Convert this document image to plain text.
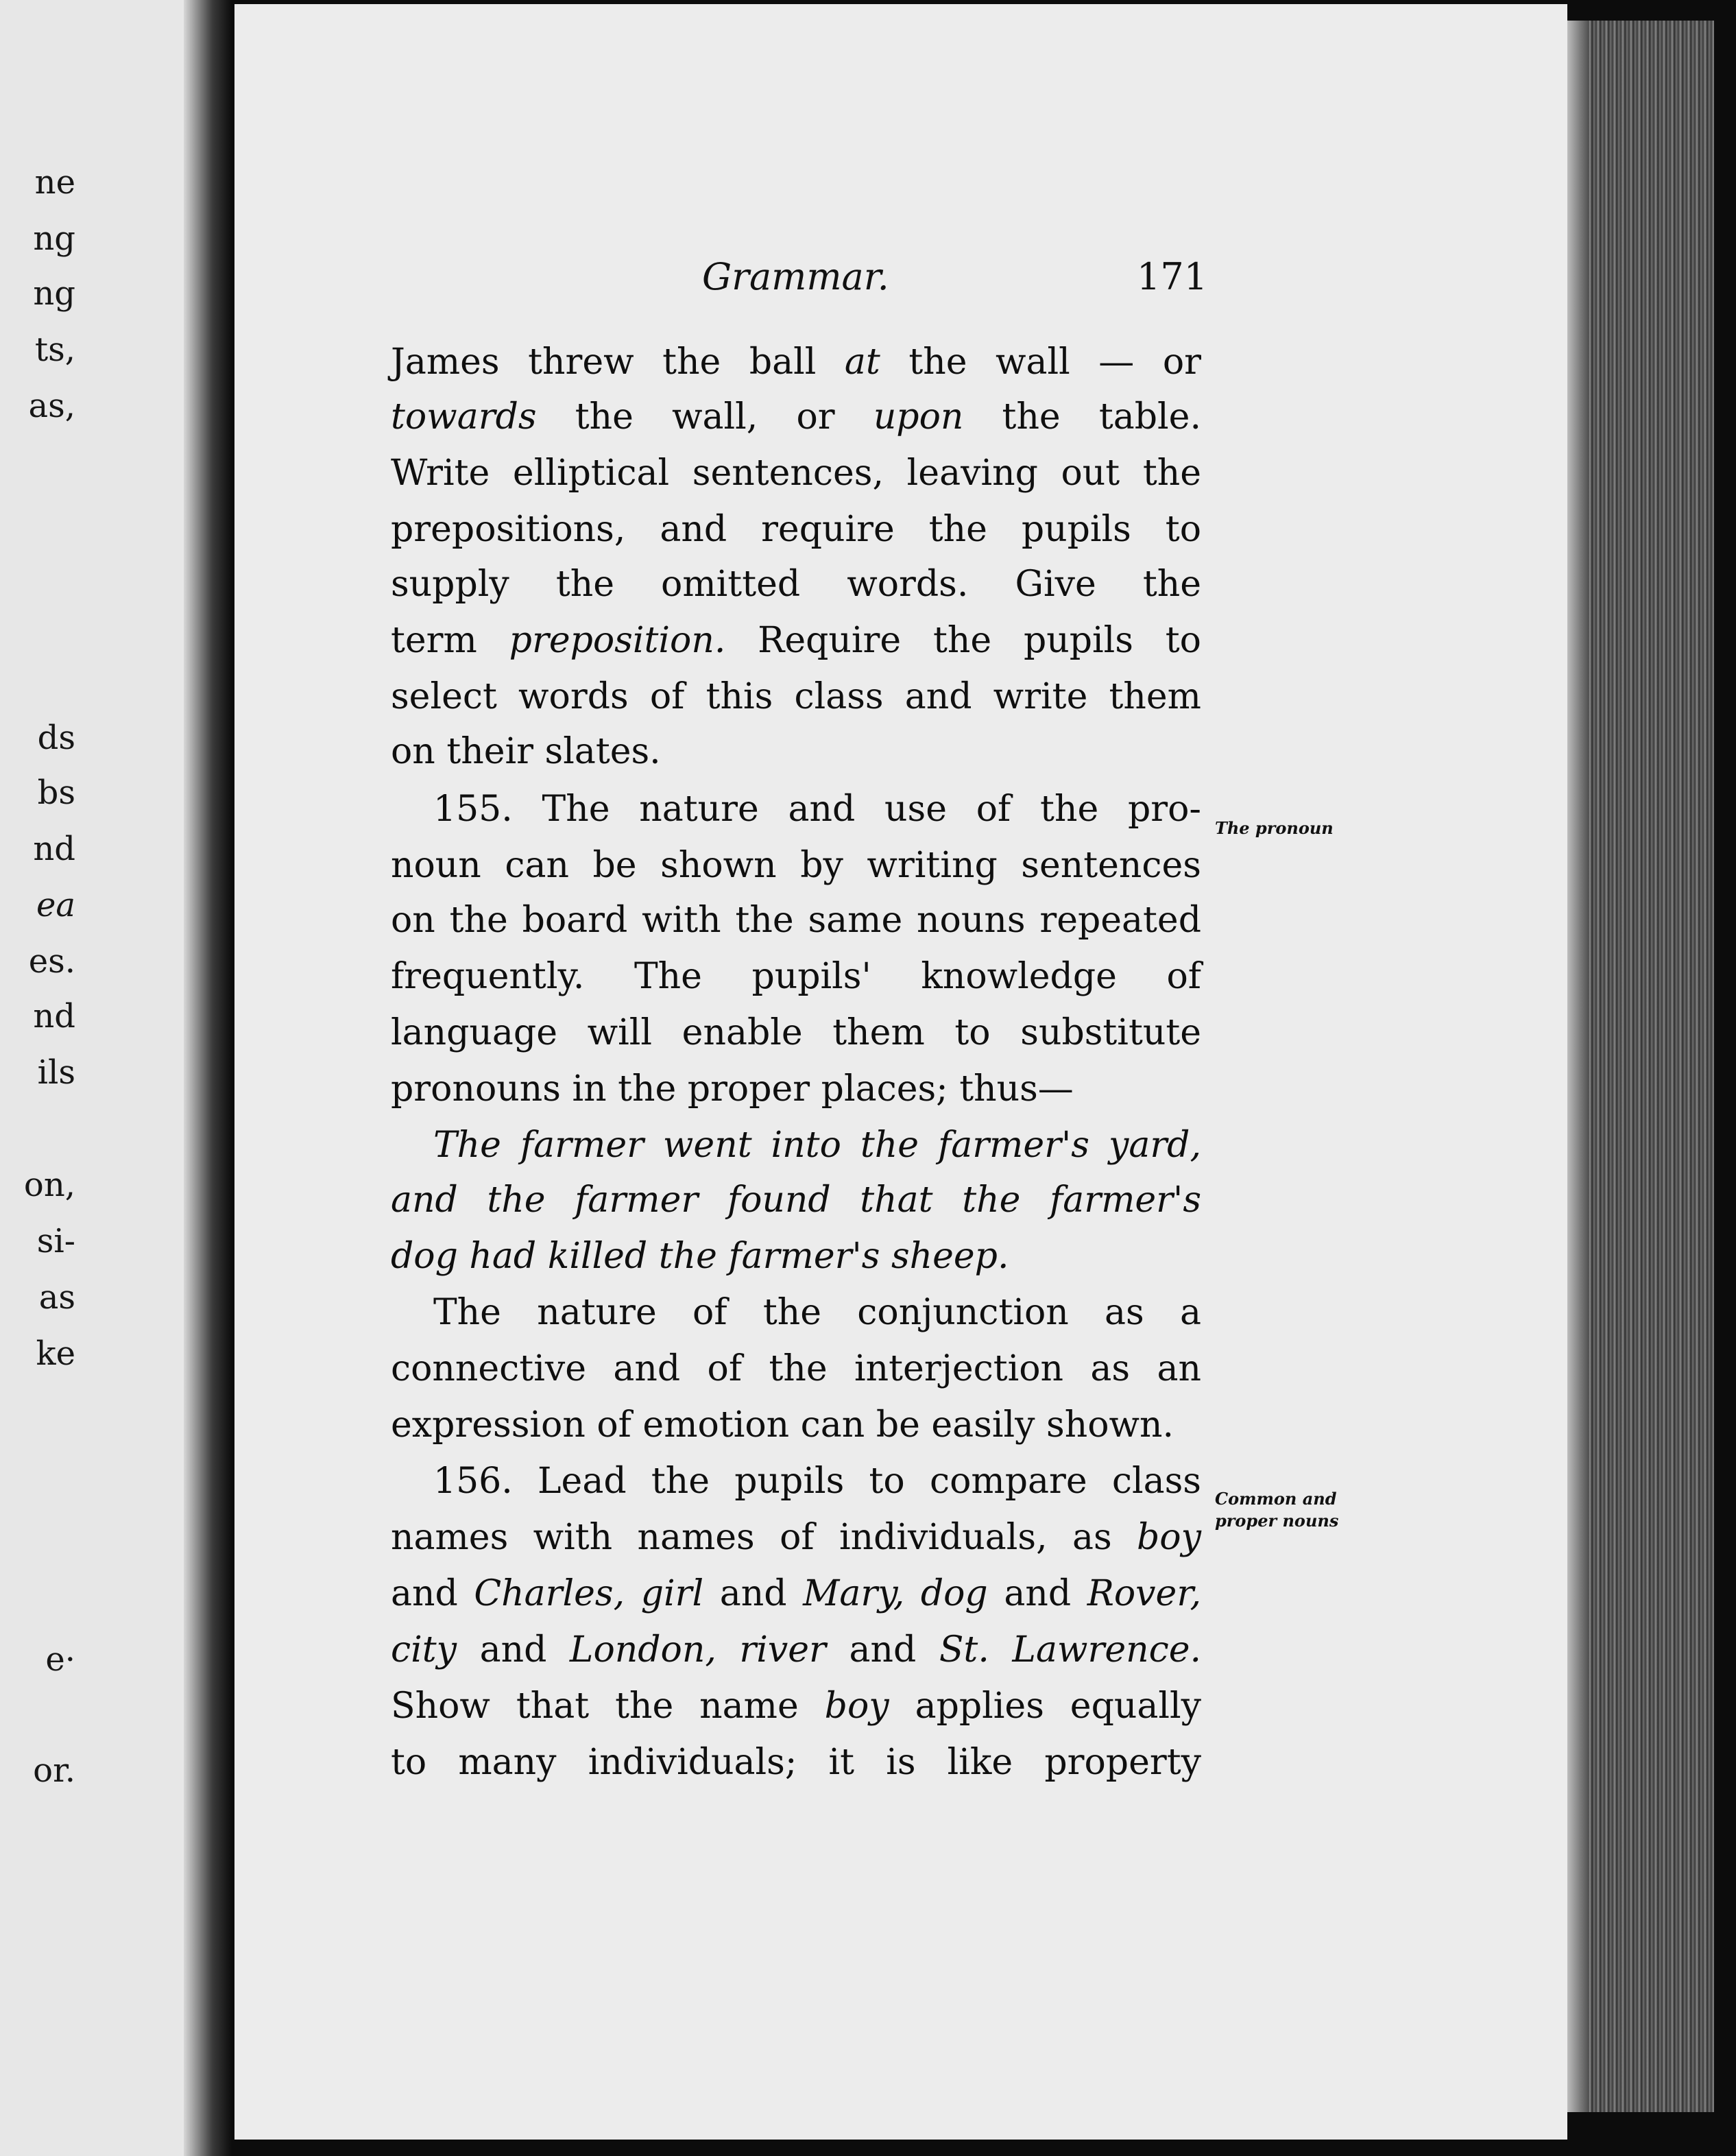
ne
ng
ng
ts,
as,
ds
bs
nd
ea
es.
nd
ils
on,
si-
as
ke
e·
or.
Grammar.	171
James threw the ball at the wall — or
towards the wall, or upon the table.
Write elliptical sentences, leaving out the
prepositions, and require the pupils to
supply the omitted words. Give the
term preposition. Require the pupils to
select words of this class and write them
on their slates.
155. The nature and use of the pro- The pronoun
noun can be shown by writing sentences
on the board with the same nouns repeated
frequently. The pupils' knowledge of
language will enable them to substitute
pronouns in the proper places; thus—
The farmer went into the farmer's yard,
and the farmer found that the farmer's
dog had killed the farmer's sheep.
The nature of the conjunction as a
connective and of the interjection as an
expression of emotion can be easily shown.
156. Lead the pupils to compare class Common and
proper nouns
names with names of individuals, as boy
and Charles, girl and Mary, dog and Rover,
city and London, river and St. Lawrence.
Show that the name boy applies equally
to many individuals; it is like property
